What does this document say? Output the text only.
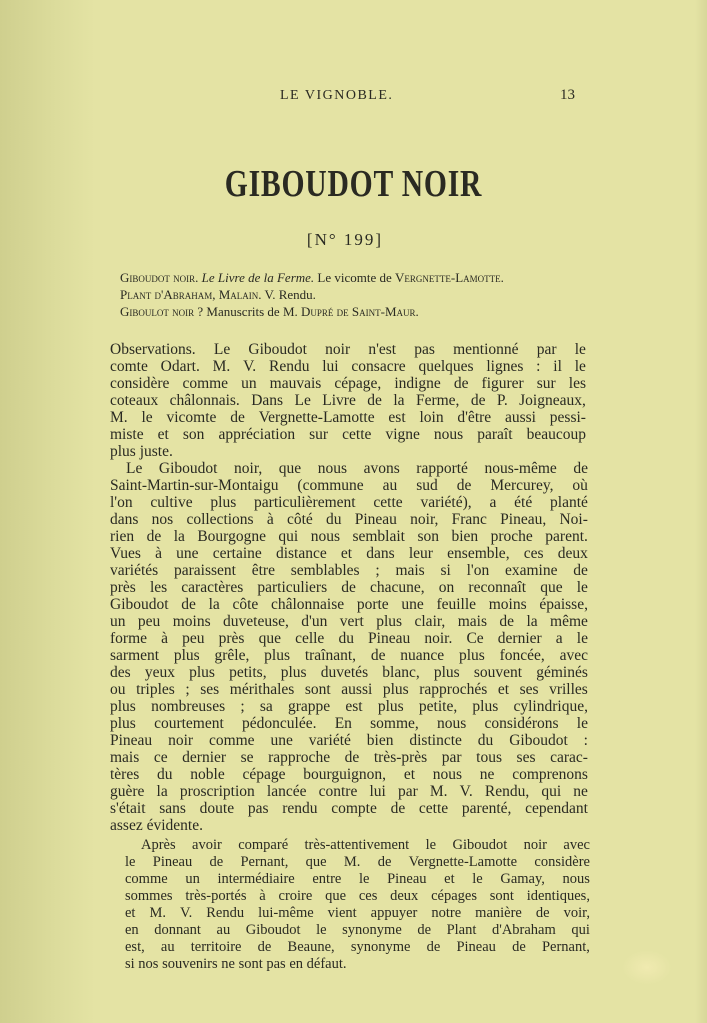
LE VIGNOBLE.	13
GIBOUDOT NOIR
[N° 199]
Giboudot noir. Le Livre de la Ferme. Le vicomte de Vergnette-Lamotte.
Plant d'Abraham, Malain. V. Rendu.
Giboulot noir ? Manuscrits de M. Dupré de Saint-Maur.
Observations. Le Giboudot noir n'est pas mentionné par le
comte Odart. M. V. Rendu lui consacre quelques lignes : il le
considère comme un mauvais cépage, indigne de figurer sur les
coteaux châlonnais. Dans Le Livre de la Ferme, de P. Joigneaux,
M. le vicomte de Vergnette-Lamotte est loin d'être aussi pessi-
miste et son appréciation sur cette vigne nous paraît beaucoup
plus juste.
Le Giboudot noir, que nous avons rapporté nous-même de
Saint-Martin-sur-Montaigu (commune au sud de Mercurey, où
l'on cultive plus particulièrement cette variété), a été planté
dans nos collections à côté du Pineau noir, Franc Pineau, Noi-
rien de la Bourgogne qui nous semblait son bien proche parent.
Vues à une certaine distance et dans leur ensemble, ces deux
variétés paraissent être semblables ; mais si l'on examine de
près les caractères particuliers de chacune, on reconnaît que le
Giboudot de la côte châlonnaise porte une feuille moins épaisse,
un peu moins duveteuse, d'un vert plus clair, mais de la même
forme à peu près que celle du Pineau noir. Ce dernier a le
sarment plus grêle, plus traînant, de nuance plus foncée, avec
des yeux plus petits, plus duvetés blanc, plus souvent géminés
ou triples ; ses mérithales sont aussi plus rapprochés et ses vrilles
plus nombreuses ; sa grappe est plus petite, plus cylindrique,
plus courtement pédonculée. En somme, nous considérons le
Pineau noir comme une variété bien distincte du Giboudot :
mais ce dernier se rapproche de très-près par tous ses carac-
tères du noble cépage bourguignon, et nous ne comprenons
guère la proscription lancée contre lui par M. V. Rendu, qui ne
s'était sans doute pas rendu compte de cette parenté, cependant
assez évidente.
Après avoir comparé très-attentivement le Giboudot noir avec
le Pineau de Pernant, que M. de Vergnette-Lamotte considère
comme un intermédiaire entre le Pineau et le Gamay, nous
sommes très-portés à croire que ces deux cépages sont identiques,
et M. V. Rendu lui-même vient appuyer notre manière de voir,
en donnant au Giboudot le synonyme de Plant d'Abraham qui
est, au territoire de Beaune, synonyme de Pineau de Pernant,
si nos souvenirs ne sont pas en défaut.
